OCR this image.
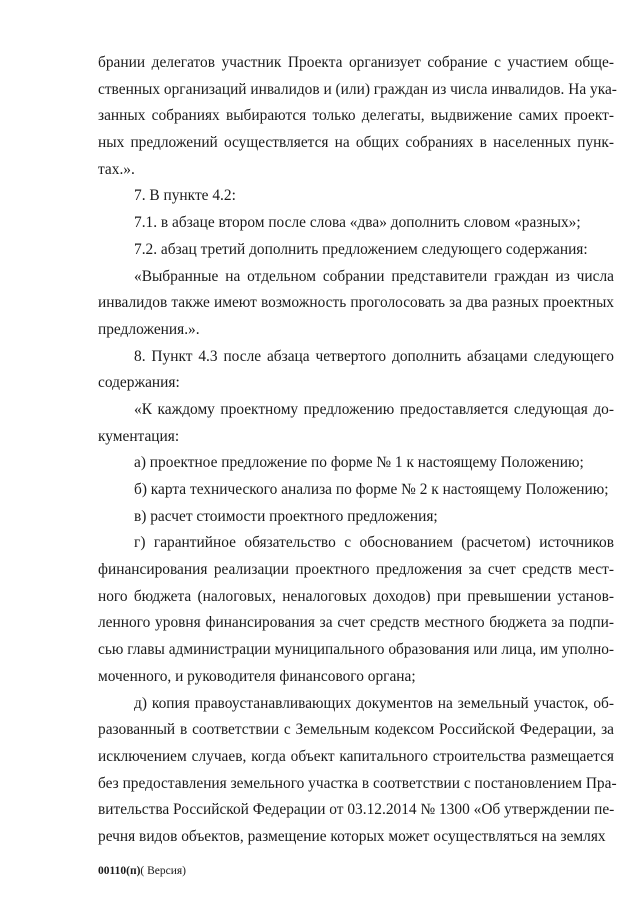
брании делегатов участник Проекта организует собрание с участием обще-
ственных организаций инвалидов и (или) граждан из числа инвалидов. На ука-
занных собраниях выбираются только делегаты, выдвижение самих проект-
ных предложений осуществляется на общих собраниях в населенных пунк-
тах.».
7. В пункте 4.2:
7.1. в абзаце втором после слова «два» дополнить словом «разных»;
7.2. абзац третий дополнить предложением следующего содержания:
«Выбранные на отдельном собрании представители граждан из числа
инвалидов также имеют возможность проголосовать за два разных проектных
предложения.».
8. Пункт 4.3 после абзаца четвертого дополнить абзацами следующего
содержания:
«К каждому проектному предложению предоставляется следующая до-
кументация:
а) проектное предложение по форме № 1 к настоящему Положению;
б) карта технического анализа по форме № 2 к настоящему Положению;
в) расчет стоимости проектного предложения;
г) гарантийное обязательство с обоснованием (расчетом) источников
финансирования реализации проектного предложения за счет средств мест-
ного бюджета (налоговых, неналоговых доходов) при превышении установ-
ленного уровня финансирования за счет средств местного бюджета за подпи-
сью главы администрации муниципального образования или лица, им уполно-
моченного, и руководителя финансового органа;
д) копия правоустанавливающих документов на земельный участок, об-
разованный в соответствии с Земельным кодексом Российской Федерации, за
исключением случаев, когда объект капитального строительства размещается
без предоставления земельного участка в соответствии с постановлением Пра-
вительства Российской Федерации от 03.12.2014 № 1300 «Об утверждении пе-
речня видов объектов, размещение которых может осуществляться на землях
00110(п)( Версия)
